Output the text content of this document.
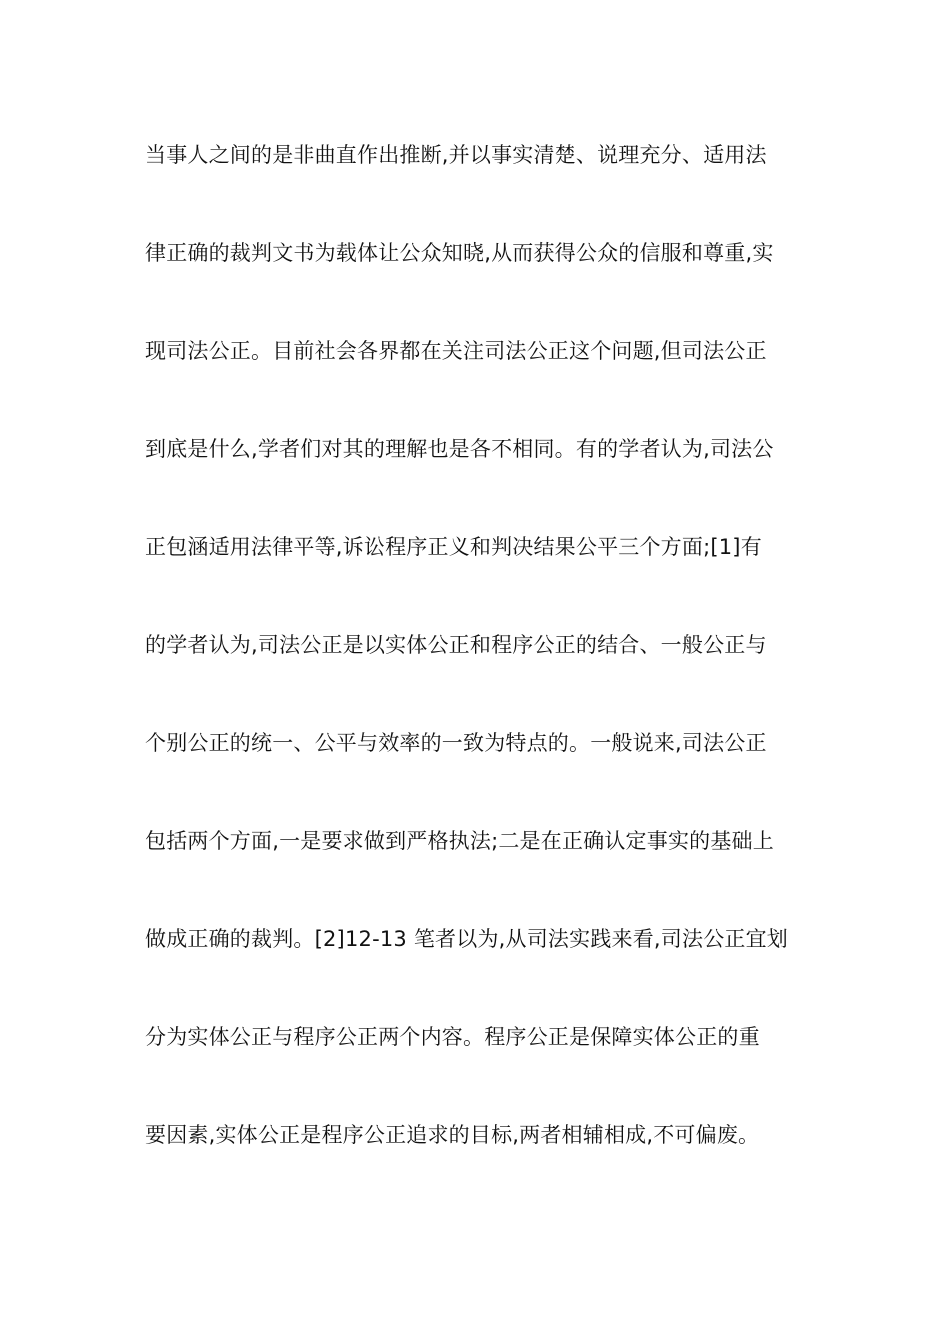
当事人之间的是非曲直作出推断,并以事实清楚、说理充分、适用法
律正确的裁判文书为载体让公众知晓,从而获得公众的信服和尊重,实
现司法公正。目前社会各界都在关注司法公正这个问题,但司法公正
到底是什么,学者们对其的理解也是各不相同。有的学者认为,司法公
正包涵适用法律平等,诉讼程序正义和判决结果公平三个方面;[1]有
的学者认为,司法公正是以实体公正和程序公正的结合、一般公正与
个别公正的统一、公平与效率的一致为特点的。一般说来,司法公正
包括两个方面,一是要求做到严格执法;二是在正确认定事实的基础上
做成正确的裁判。[2]12-13 笔者以为,从司法实践来看,司法公正宜划
分为实体公正与程序公正两个内容。程序公正是保障实体公正的重
要因素,实体公正是程序公正追求的目标,两者相辅相成,不可偏废。
